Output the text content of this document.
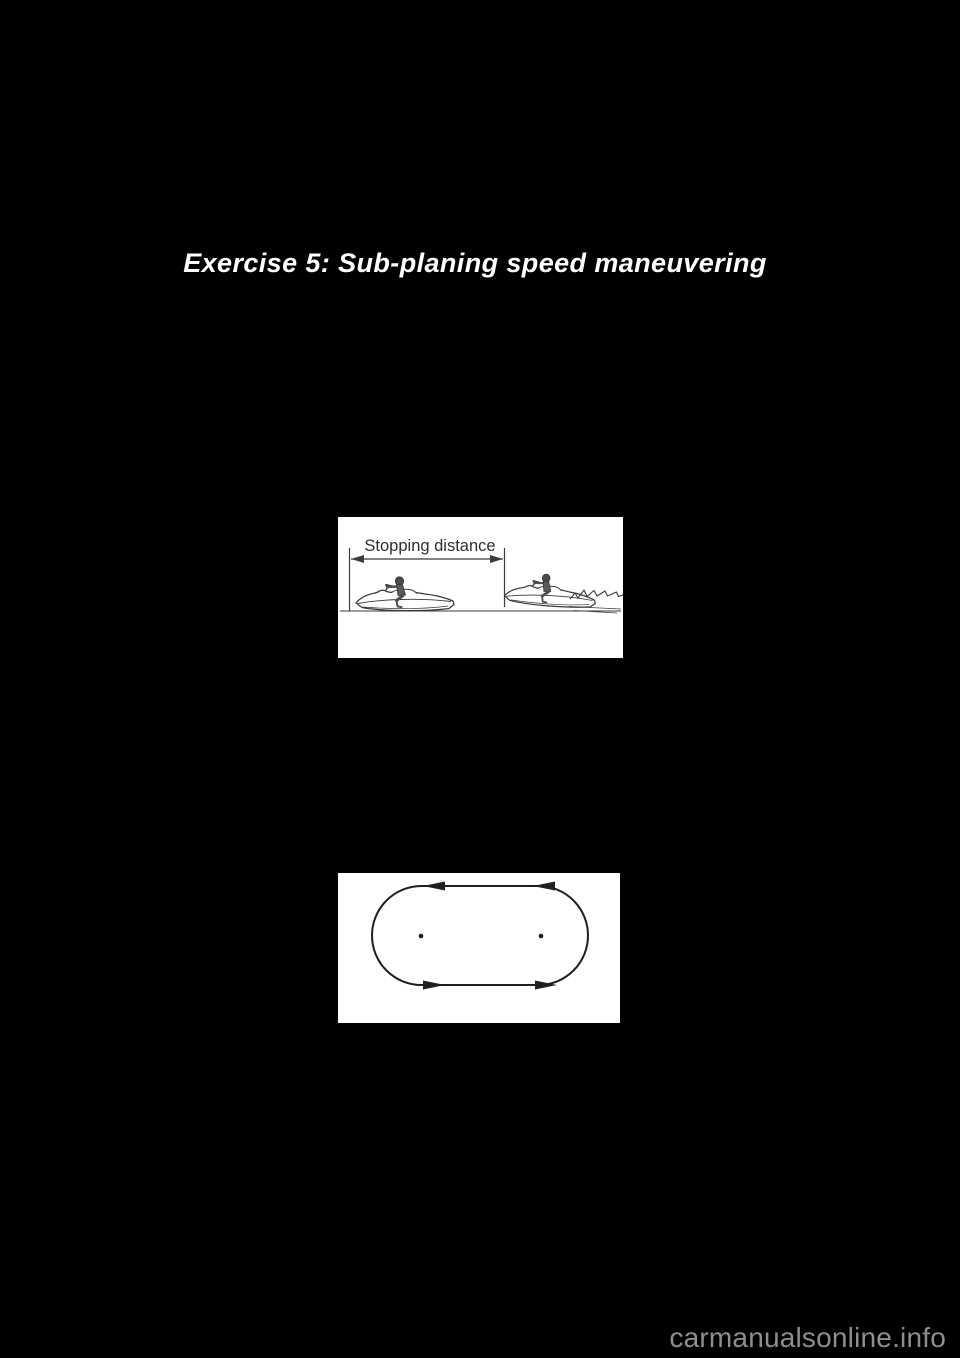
Exercise 5: Sub-planing speed maneuvering
Stopping distance
carmanualsonline.info
